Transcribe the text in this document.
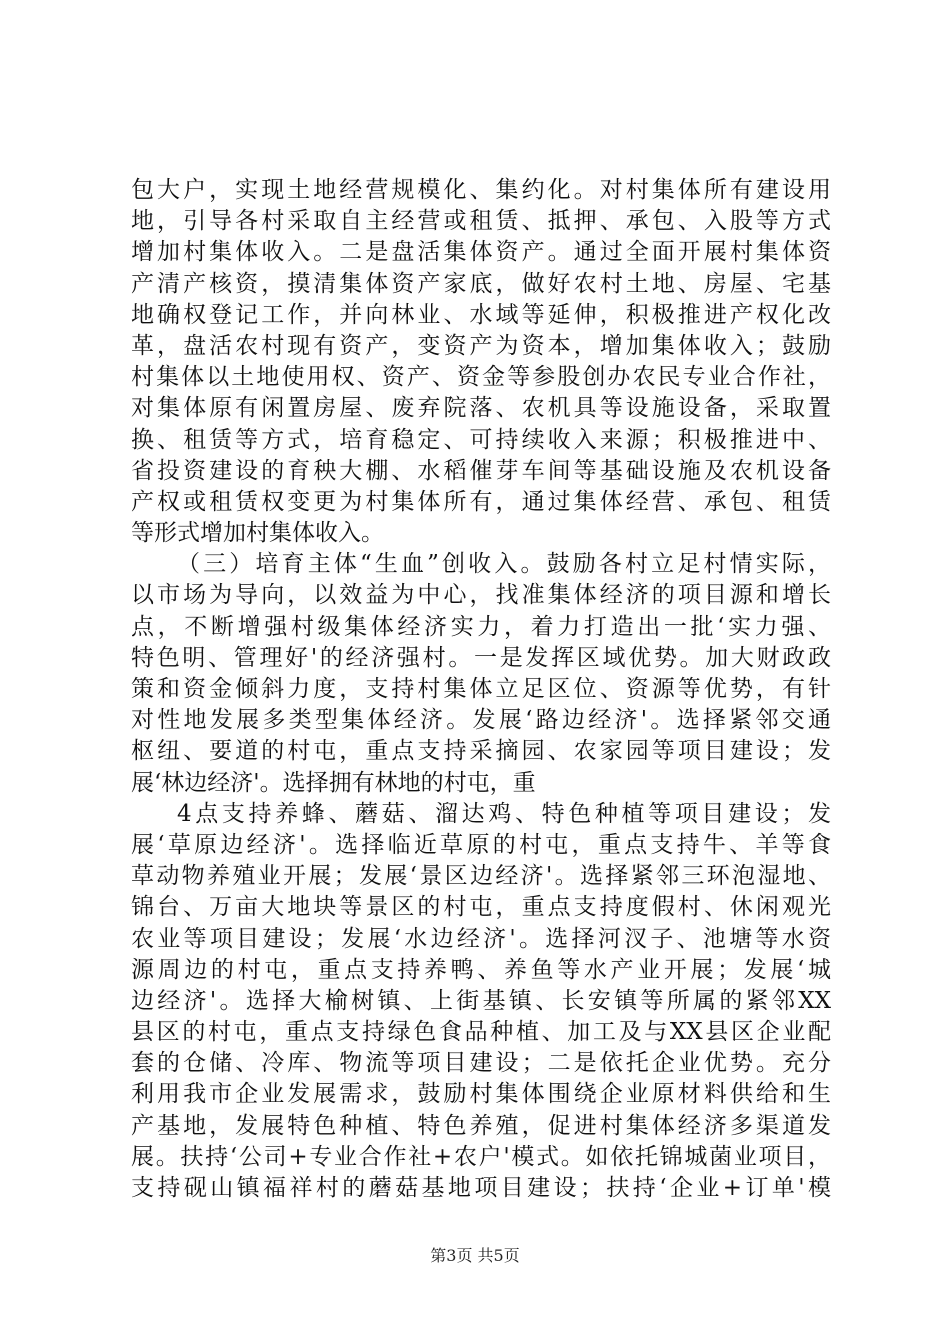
包大户，实现土地经营规模化、集约化。对村集体所有建设用
地，引导各村采取自主经营或租赁、抵押、承包、入股等方式
增加村集体收入。二是盘活集体资产。通过全面开展村集体资
产清产核资，摸清集体资产家底，做好农村土地、房屋、宅基
地确权登记工作，并向林业、水域等延伸，积极推进产权化改
革，盘活农村现有资产，变资产为资本，增加集体收入；鼓励
村集体以土地使用权、资产、资金等参股创办农民专业合作社，
对集体原有闲置房屋、废弃院落、农机具等设施设备，采取置
换、租赁等方式，培育稳定、可持续收入来源；积极推进中、
省投资建设的育秧大棚、水稻催芽车间等基础设施及农机设备
产权或租赁权变更为村集体所有，通过集体经营、承包、租赁
等形式增加村集体收入。
（三）培育主体“生血”创收入。鼓励各村立足村情实际，
以市场为导向，以效益为中心，找准集体经济的项目源和增长
点，不断增强村级集体经济实力，着力打造出一批‘实力强、
特色明、管理好'的经济强村。一是发挥区域优势。加大财政政
策和资金倾斜力度，支持村集体立足区位、资源等优势，有针
对性地发展多类型集体经济。发展‘路边经济'。选择紧邻交通
枢纽、要道的村屯，重点支持采摘园、农家园等项目建设；发
展‘林边经济'。选择拥有林地的村屯，重
4点支持养蜂、蘑菇、溜达鸡、特色种植等项目建设；发
展‘草原边经济'。选择临近草原的村屯，重点支持牛、羊等食
草动物养殖业开展；发展‘景区边经济'。选择紧邻三环泡湿地、
锦台、万亩大地块等景区的村屯，重点支持度假村、休闲观光
农业等项目建设；发展‘水边经济'。选择河汊子、池塘等水资
源周边的村屯，重点支持养鸭、养鱼等水产业开展；发展‘城
边经济'。选择大榆树镇、上街基镇、长安镇等所属的紧邻XX
县区的村屯，重点支持绿色食品种植、加工及与XX县区企业配
套的仓储、冷库、物流等项目建设；二是依托企业优势。充分
利用我市企业发展需求，鼓励村集体围绕企业原材料供给和生
产基地，发展特色种植、特色养殖，促进村集体经济多渠道发
展。扶持‘公司+专业合作社+农户'模式。如依托锦城菌业项目，
支持砚山镇福祥村的蘑菇基地项目建设；扶持‘企业+订单'模
第3页 共5页
